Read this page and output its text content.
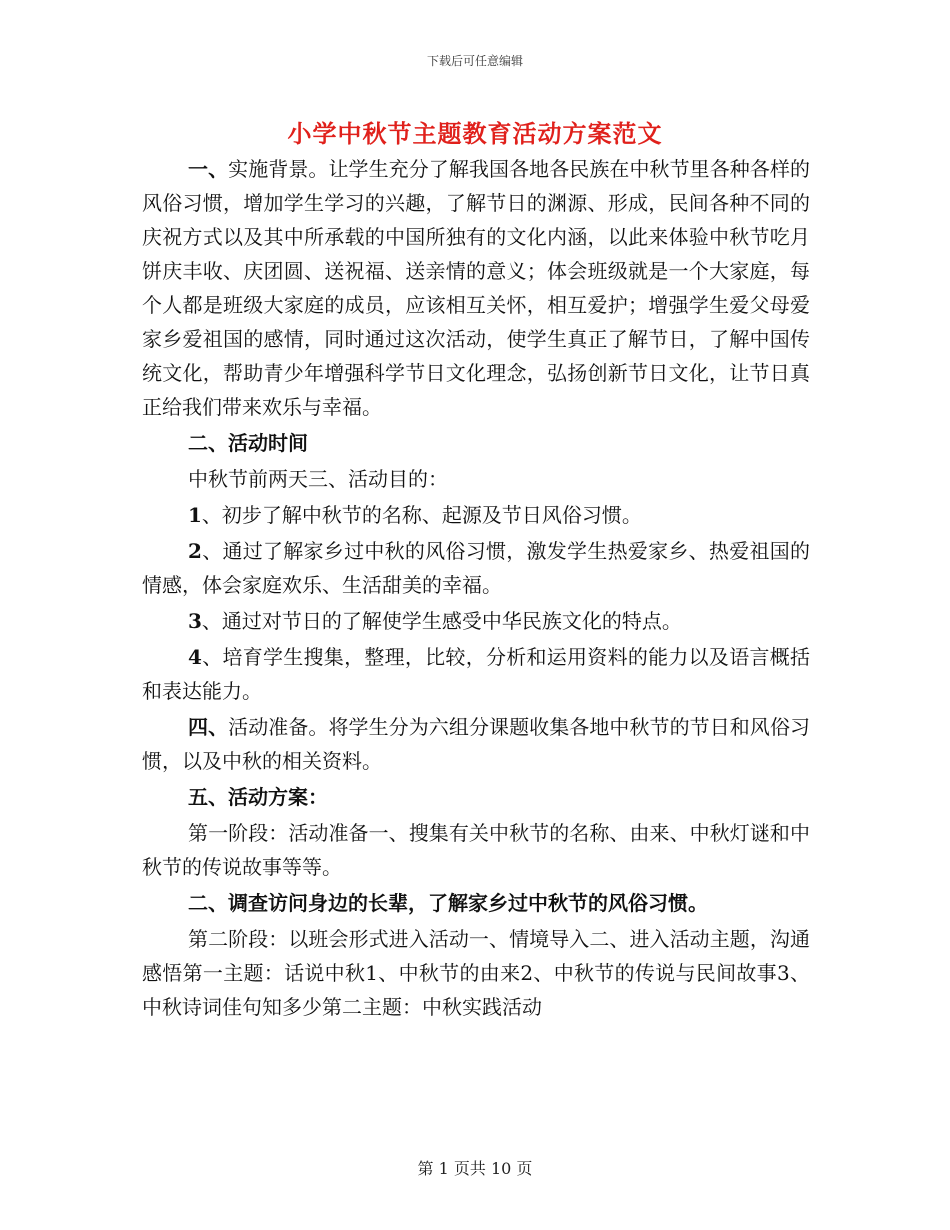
下载后可任意编辑
小学中秋节主题教育活动方案范文

一、实施背景。让学生充分了解我国各地各民族在中秋节里各种各样的风俗习惯，增加学生学习的兴趣，了解节日的渊源、形成，民间各种不同的庆祝方式以及其中所承载的中国所独有的文化内涵，以此来体验中秋节吃月饼庆丰收、庆团圆、送祝福、送亲情的意义；体会班级就是一个大家庭，每个人都是班级大家庭的成员，应该相互关怀，相互爱护；增强学生爱父母爱家乡爱祖国的感情，同时通过这次活动，使学生真正了解节日，了解中国传统文化，帮助青少年增强科学节日文化理念，弘扬创新节日文化，让节日真正给我们带来欢乐与幸福。

二、活动时间

中秋节前两天三、活动目的：

1、初步了解中秋节的名称、起源及节日风俗习惯。

2、通过了解家乡过中秋的风俗习惯，激发学生热爱家乡、热爱祖国的情感，体会家庭欢乐、生活甜美的幸福。

3、通过对节日的了解使学生感受中华民族文化的特点。

4、培育学生搜集，整理，比较，分析和运用资料的能力以及语言概括和表达能力。

四、活动准备。将学生分为六组分课题收集各地中秋节的节日和风俗习惯，以及中秋的相关资料。

五、活动方案：

第一阶段：活动准备一、搜集有关中秋节的名称、由来、中秋灯谜和中秋节的传说故事等等。

二、调查访问身边的长辈，了解家乡过中秋节的风俗习惯。

第二阶段：以班会形式进入活动一、情境导入二、进入活动主题，沟通感悟第一主题：话说中秋1、中秋节的由来2、中秋节的传说与民间故事3、中秋诗词佳句知多少第二主题：中秋实践活动

第 1 页共 10 页
